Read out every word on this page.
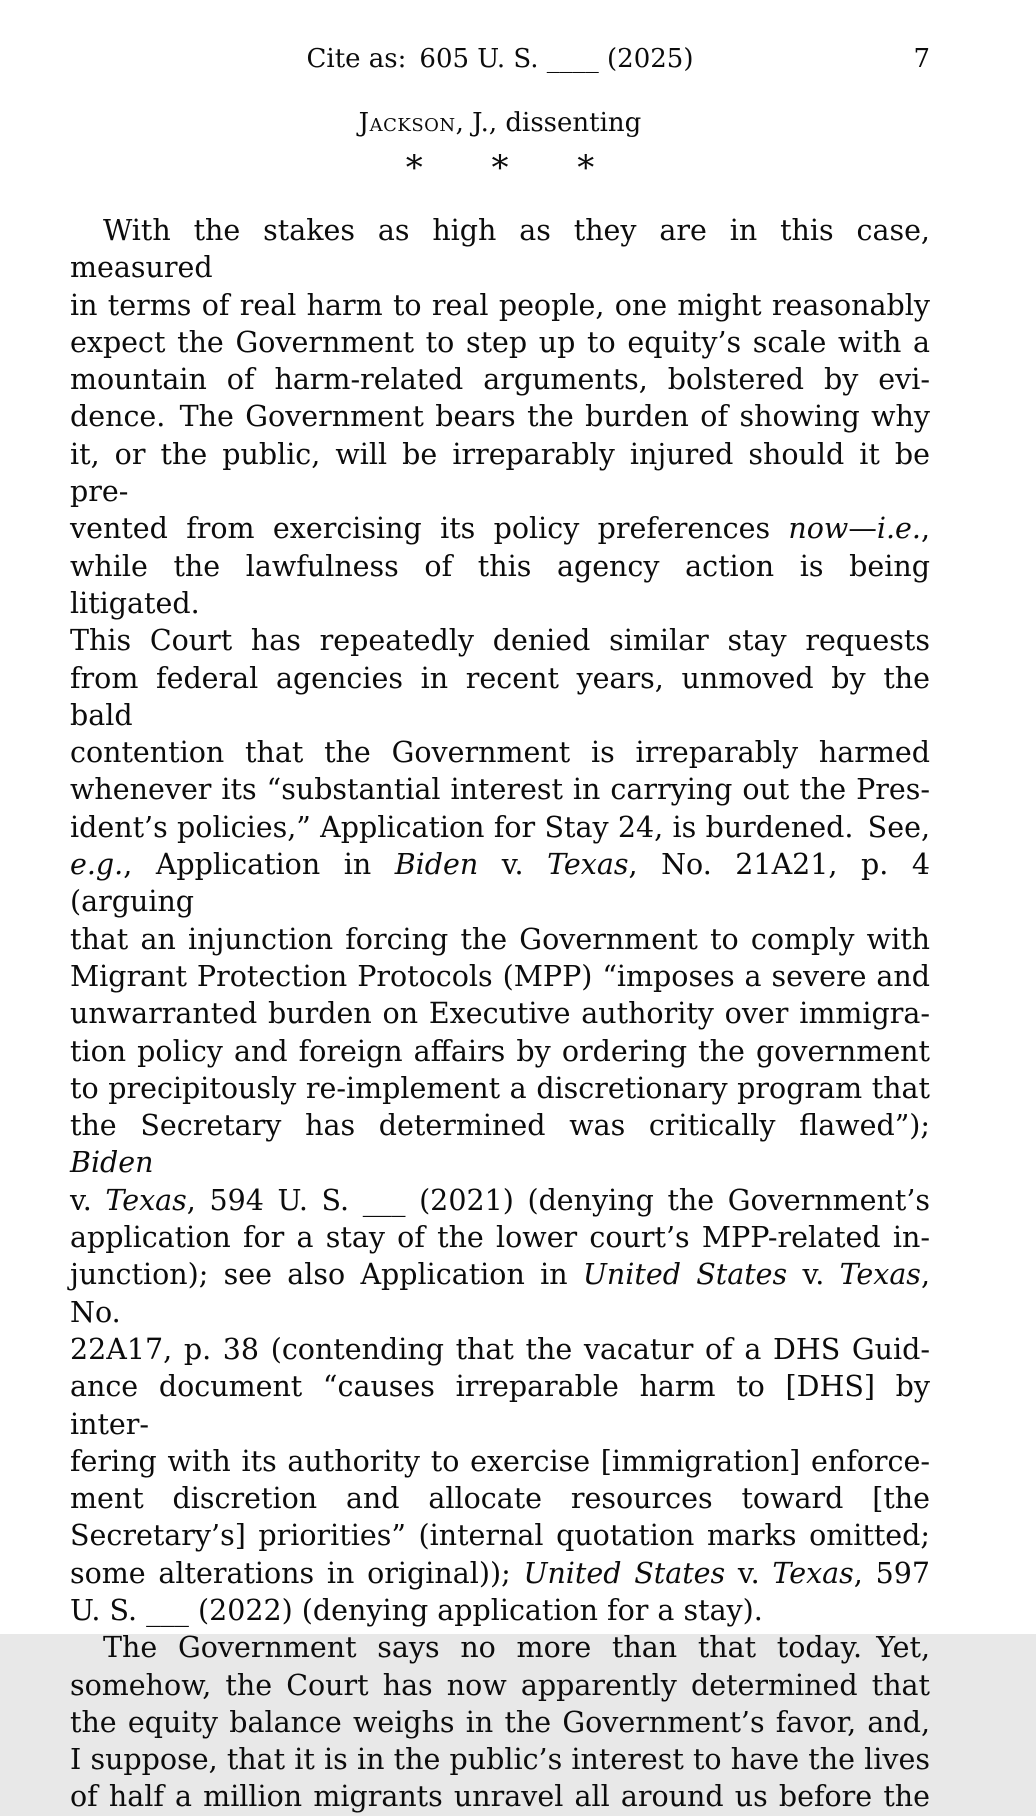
Cite as: 605 U. S. ____ (2025)	7
Jackson, J., dissenting
* * *
With the stakes as high as they are in this case, measured
in terms of real harm to real people, one might reasonably
expect the Government to step up to equity’s scale with a
mountain of harm-related arguments, bolstered by evi-
dence. The Government bears the burden of showing why
it, or the public, will be irreparably injured should it be pre-
vented from exercising its policy preferences now—i.e.,
while the lawfulness of this agency action is being litigated.
This Court has repeatedly denied similar stay requests
from federal agencies in recent years, unmoved by the bald
contention that the Government is irreparably harmed
whenever its “substantial interest in carrying out the Pres-
ident’s policies,” Application for Stay 24, is burdened. See,
e.g., Application in Biden v. Texas, No. 21A21, p. 4 (arguing
that an injunction forcing the Government to comply with
Migrant Protection Protocols (MPP) “imposes a severe and
unwarranted burden on Executive authority over immigra-
tion policy and foreign affairs by ordering the government
to precipitously re-implement a discretionary program that
the Secretary has determined was critically flawed”); Biden
v. Texas, 594 U. S. ___ (2021) (denying the Government’s
application for a stay of the lower court’s MPP-related in-
junction); see also Application in United States v. Texas, No.
22A17, p. 38 (contending that the vacatur of a DHS Guid-
ance document “causes irreparable harm to [DHS] by inter-
fering with its authority to exercise [immigration] enforce-
ment discretion and allocate resources toward [the
Secretary’s] priorities” (internal quotation marks omitted;
some alterations in original)); United States v. Texas, 597
U. S. ___ (2022) (denying application for a stay).
The Government says no more than that today. Yet,
somehow, the Court has now apparently determined that
the equity balance weighs in the Government’s favor, and,
I suppose, that it is in the public’s interest to have the lives
of half a million migrants unravel all around us before the
